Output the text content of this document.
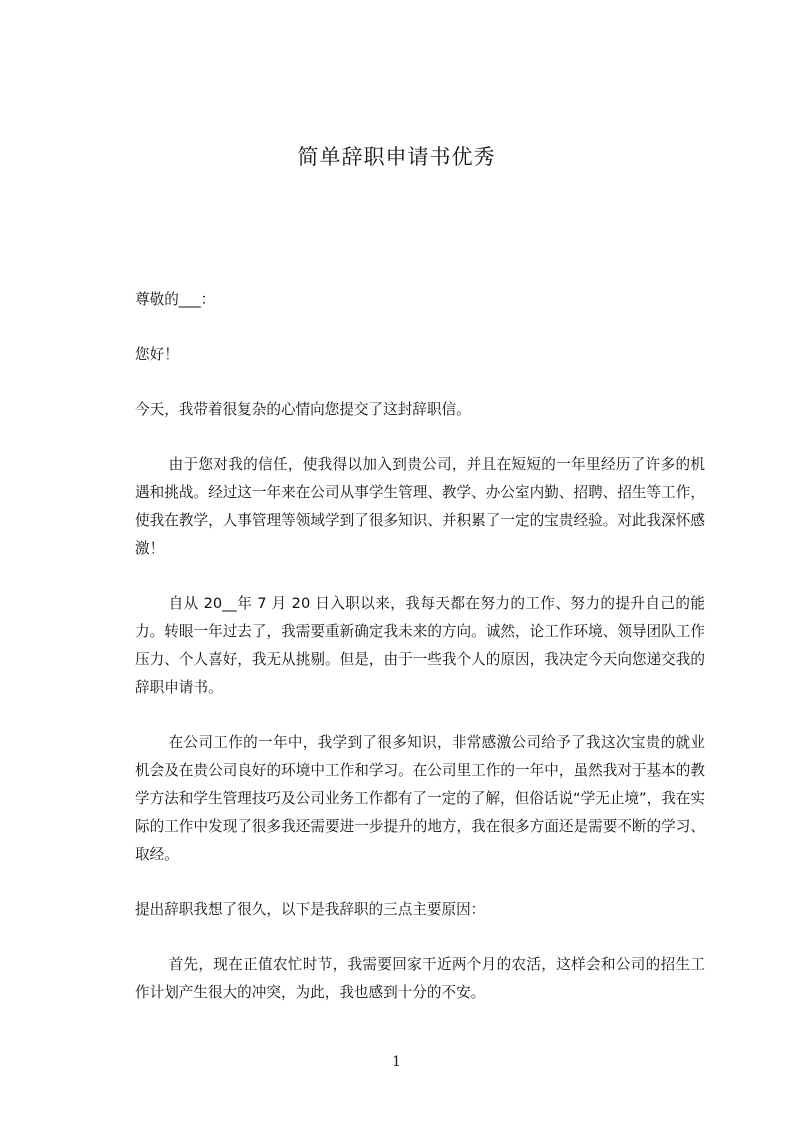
简单辞职申请书优秀

尊敬的___：

您好！

今天，我带着很复杂的心情向您提交了这封辞职信。

由于您对我的信任，使我得以加入到贵公司，并且在短短的一年里经历了许多的机遇和挑战。经过这一年来在公司从事学生管理、教学、办公室内勤、招聘、招生等工作，使我在教学，人事管理等领域学到了很多知识、并积累了一定的宝贵经验。对此我深怀感激！

自从 20__年 7 月 20 日入职以来，我每天都在努力的工作、努力的提升自己的能力。转眼一年过去了，我需要重新确定我未来的方向。诚然，论工作环境、领导团队工作压力、个人喜好，我无从挑剔。但是，由于一些我个人的原因，我决定今天向您递交我的辞职申请书。

在公司工作的一年中，我学到了很多知识，非常感激公司给予了我这次宝贵的就业机会及在贵公司良好的环境中工作和学习。在公司里工作的一年中，虽然我对于基本的教学方法和学生管理技巧及公司业务工作都有了一定的了解，但俗话说“学无止境”，我在实际的工作中发现了很多我还需要进一步提升的地方，我在很多方面还是需要不断的学习、取经。

提出辞职我想了很久，以下是我辞职的三点主要原因：

首先，现在正值农忙时节，我需要回家干近两个月的农活，这样会和公司的招生工作计划产生很大的冲突，为此，我也感到十分的不安。

1
